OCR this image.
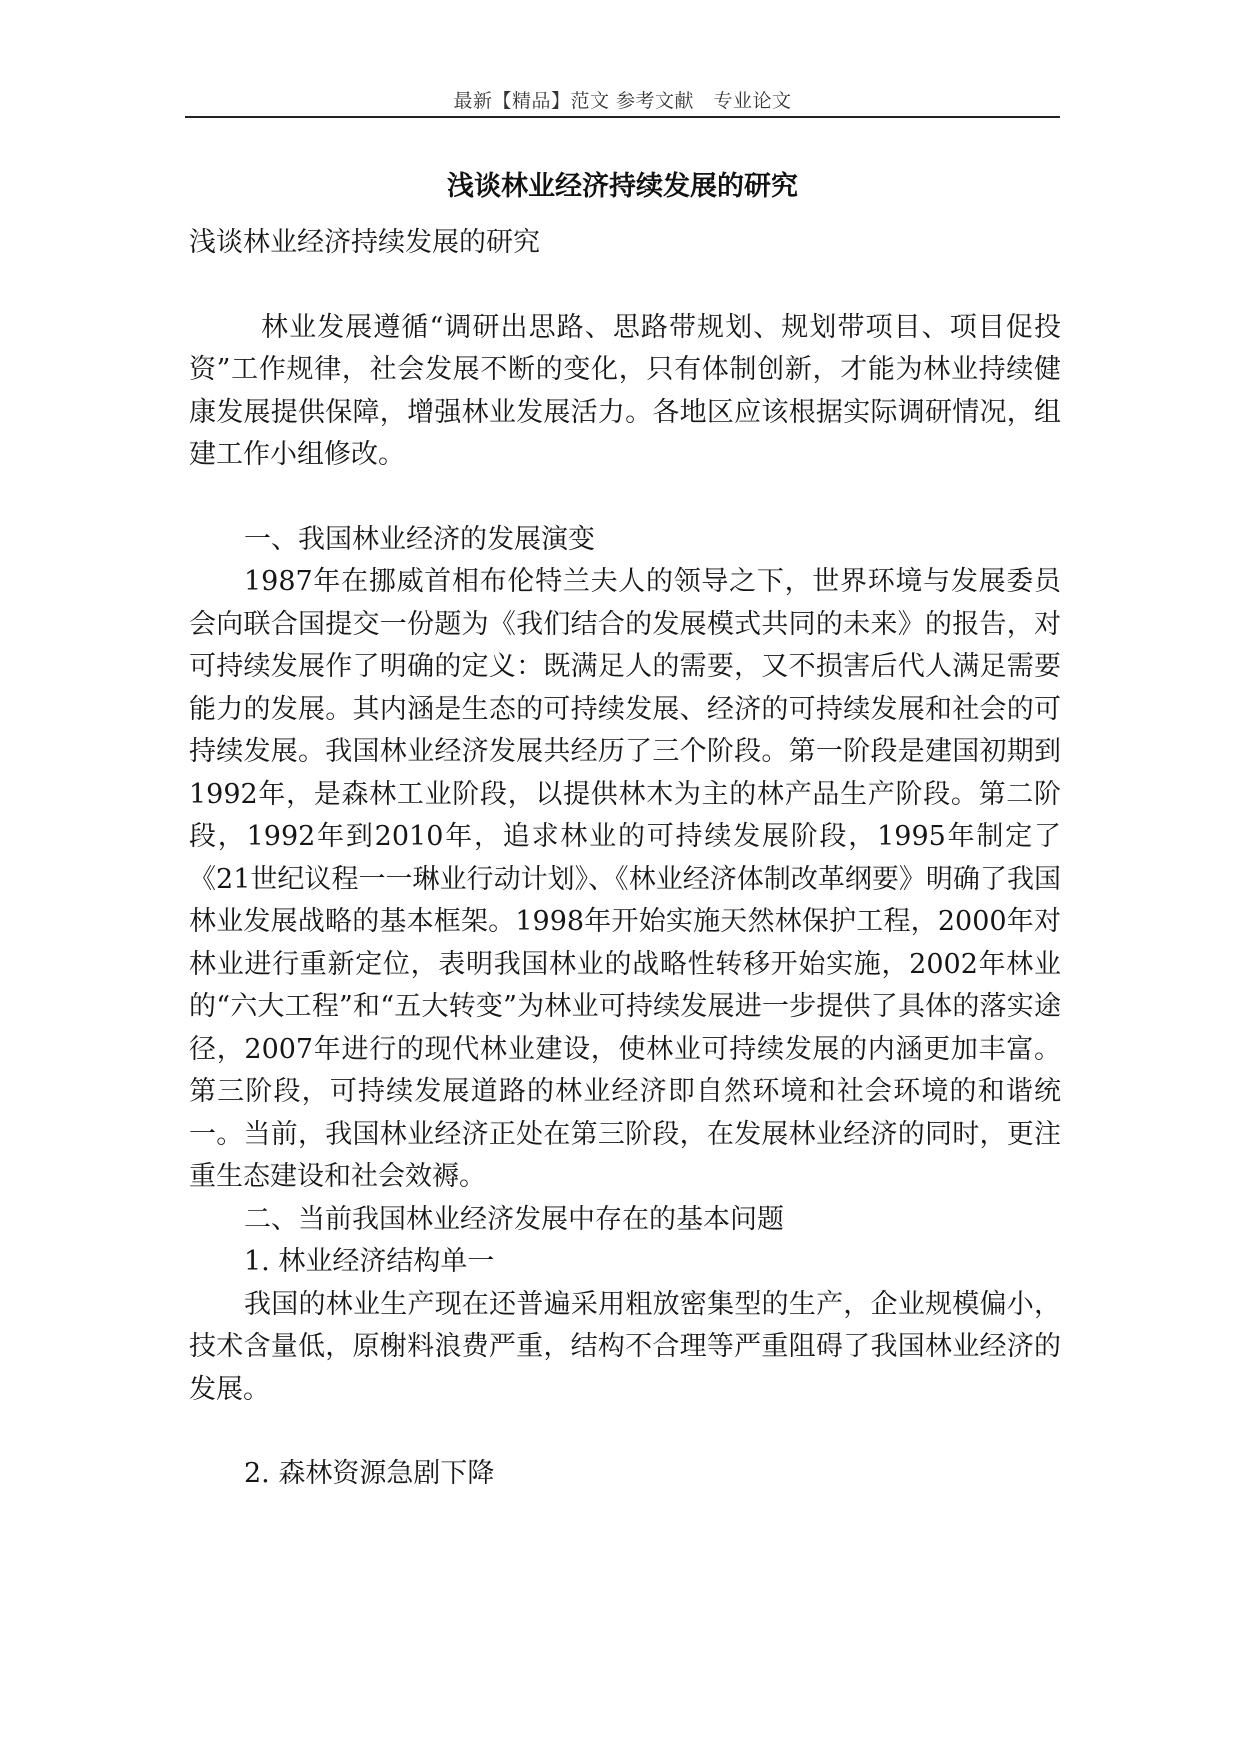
最新【精品】范文 参考文献　专业论文
浅谈林业经济持续发展的研究

浅谈林业经济持续发展的研究

林业发展遵循“调研出思路、思路带规划、规划带项目、项目促投资”工作规律，社会发展不断的变化，只有体制创新，才能为林业持续健康发展提供保障，增强林业发展活力。各地区应该根据实际调研情况，组建工作小组修改。

一、我国林业经济的发展演变

1987年在挪威首相布伦特兰夫人的领导之下，世界环境与发展委员会向联合国提交一份题为《我们结合的发展模式共同的未来》的报告，对可持续发展作了明确的定义：既满足人的需要，又不损害后代人满足需要能力的发展。其内涵是生态的可持续发展、经济的可持续发展和社会的可持续发展。我国林业经济发展共经历了三个阶段。第一阶段是建国初期到1992年，是森林工业阶段，以提供林木为主的林产品生产阶段。第二阶段，1992年到2010年，追求林业的可持续发展阶段，1995年制定了《21世纪议程一一琳业行动计划》、《林业经济体制改革纲要》明确了我国林业发展战略的基本框架。1998年开始实施天然林保护工程，2000年对林业进行重新定位，表明我国林业的战略性转移开始实施，2002年林业的“六大工程”和“五大转变”为林业可持续发展进一步提供了具体的落实途径，2007年进行的现代林业建设，使林业可持续发展的内涵更加丰富。第三阶段，可持续发展道路的林业经济即自然环境和社会环境的和谐统一。当前，我国林业经济正处在第三阶段，在发展林业经济的同时，更注重生态建设和社会效褥。

二、当前我国林业经济发展中存在的基本问题

1. 林业经济结构单一

我国的林业生产现在还普遍采用粗放密集型的生产，企业规模偏小，技术含量低，原榭料浪费严重，结构不合理等严重阻碍了我国林业经济的发展。

2. 森林资源急剧下降
